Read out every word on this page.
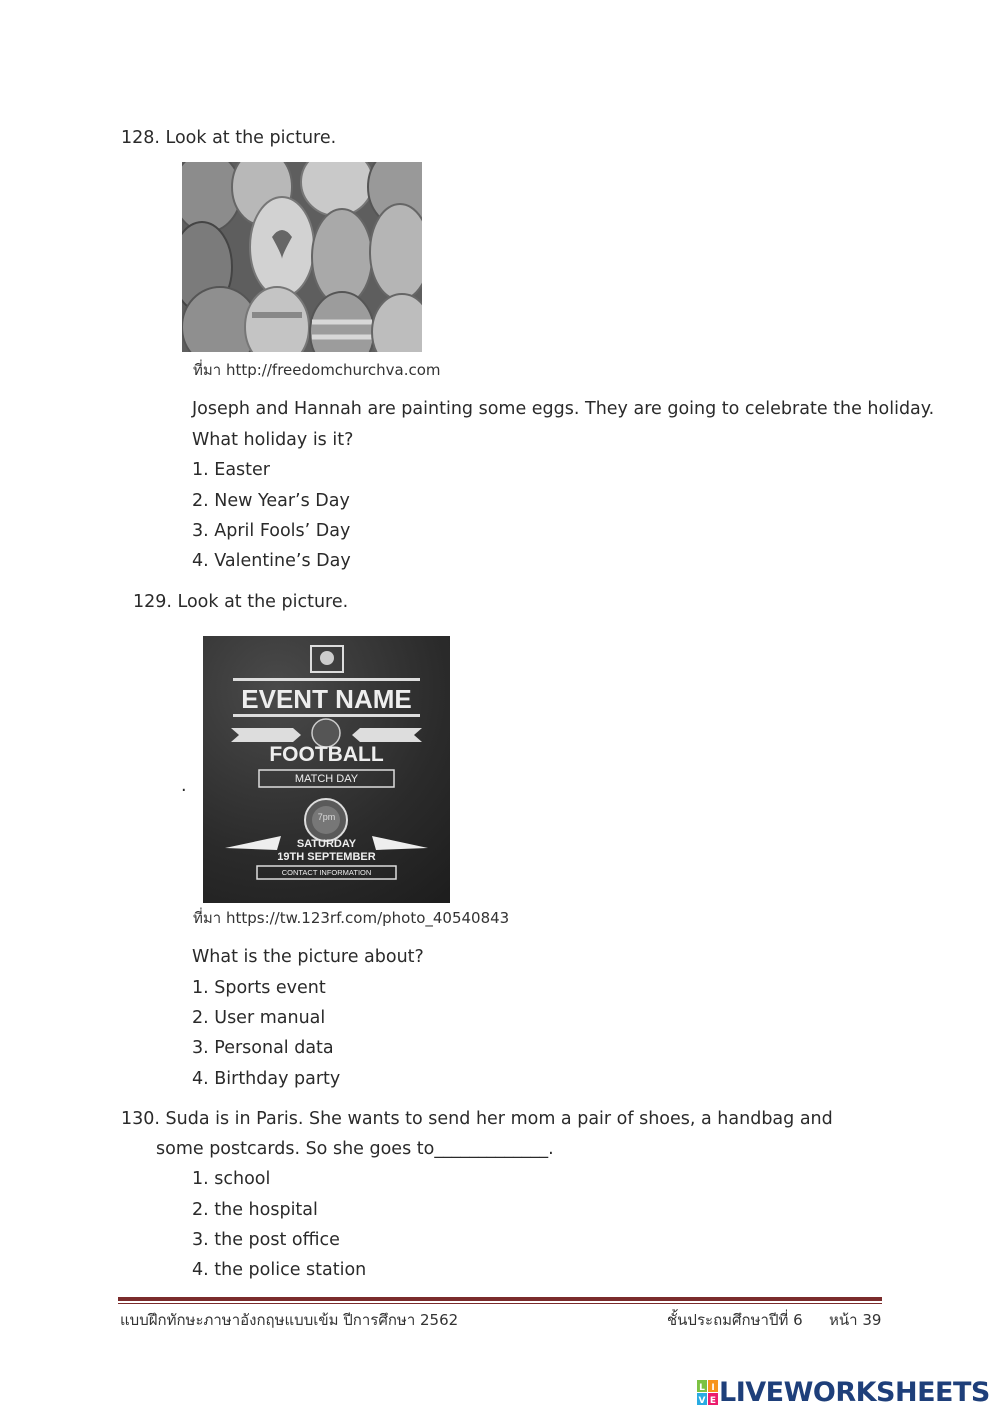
128. Look at the picture.
ที่มา http://freedomchurchva.com
Joseph and Hannah are painting some eggs. They are going to celebrate the holiday.
What holiday is it?
1. Easter
2. New Year’s Day
3. April Fools’ Day
4. Valentine’s Day
129. Look at the picture.
.
EVENT NAME
FOOTBALL
MATCH DAY
7pm
SATURDAY
19TH SEPTEMBER
CONTACT INFORMATION
ที่มา https://tw.123rf.com/photo_40540843
What is the picture about?
1. Sports event
2. User manual
3. Personal data
4. Birthday party
130. Suda is in Paris. She wants to send her mom a pair of shoes, a handbag and
some postcards. So she goes to_____________.
1. school
2. the hospital
3. the post office
4. the police station
แบบฝึกทักษะภาษาอังกฤษแบบเข้ม ปีการศึกษา 2562	ชั้นประถมศึกษาปีที่ 6 หน้า 39
L I
V E LIVEWORKSHEETS
